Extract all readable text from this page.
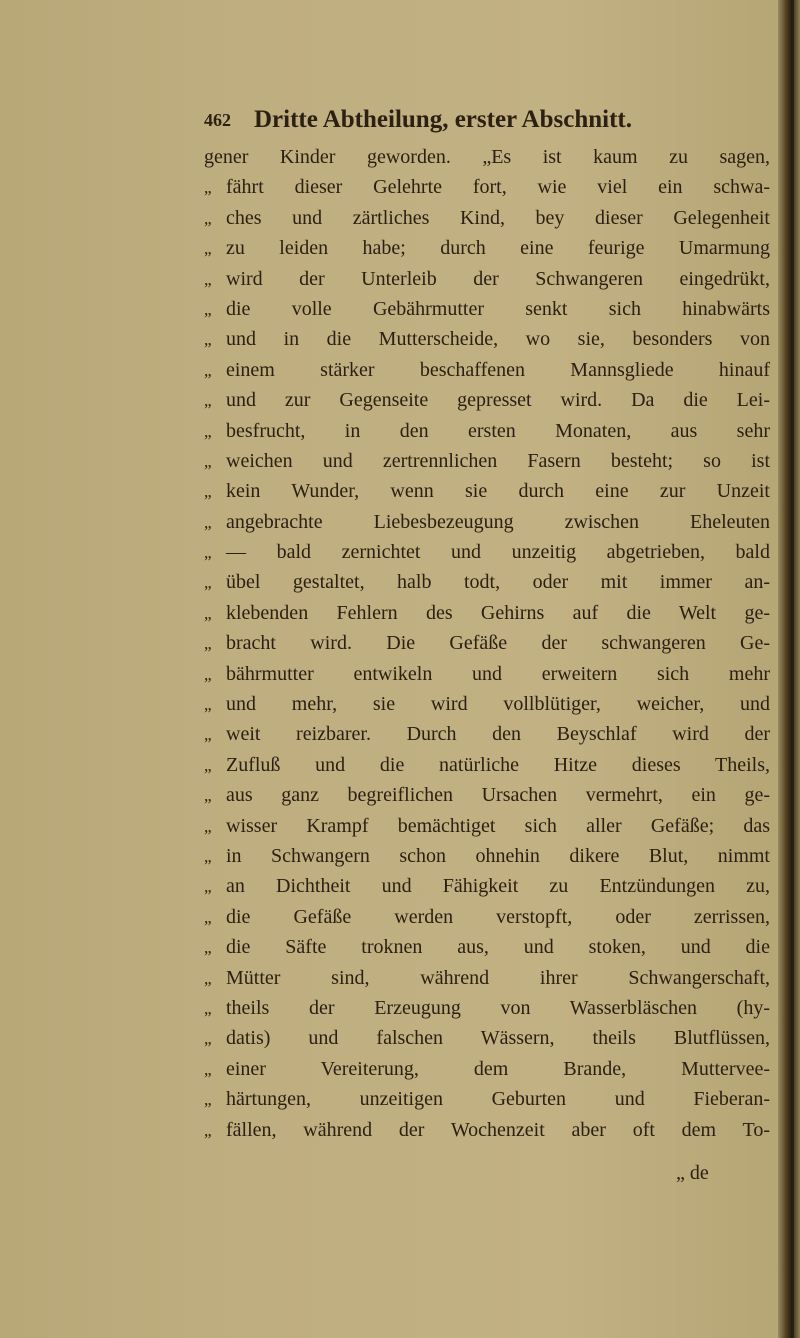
462 Dritte Abtheilung, erster Abschnitt.
gener Kinder geworden. „Es ist kaum zu sagen,
„ fährt dieser Gelehrte fort, wie viel ein schwa-
„ ches und zärtliches Kind, bey dieser Gelegenheit
„ zu leiden habe; durch eine feurige Umarmung
„ wird der Unterleib der Schwangeren eingedrükt,
„ die volle Gebährmutter senkt sich hinabwärts
„ und in die Mutterscheide, wo sie, besonders von
„ einem stärker beschaffenen Mannsgliede hinauf
„ und zur Gegenseite gepresset wird. Da die Lei-
„ besfrucht, in den ersten Monaten, aus sehr
„ weichen und zertrennlichen Fasern besteht; so ist
„ kein Wunder, wenn sie durch eine zur Unzeit
„ angebrachte Liebesbezeugung zwischen Eheleuten
„ — bald zernichtet und unzeitig abgetrieben, bald
„ übel gestaltet, halb todt, oder mit immer an-
„ klebenden Fehlern des Gehirns auf die Welt ge-
„ bracht wird. Die Gefäße der schwangeren Ge-
„ bährmutter entwikeln und erweitern sich mehr
„ und mehr, sie wird vollblütiger, weicher, und
„ weit reizbarer. Durch den Beyschlaf wird der
„ Zufluß und die natürliche Hitze dieses Theils,
„ aus ganz begreiflichen Ursachen vermehrt, ein ge-
„ wisser Krampf bemächtiget sich aller Gefäße; das
„ in Schwangern schon ohnehin dikere Blut, nimmt
„ an Dichtheit und Fähigkeit zu Entzündungen zu,
„ die Gefäße werden verstopft, oder zerrissen,
„ die Säfte troknen aus, und stoken, und die
„ Mütter sind, während ihrer Schwangerschaft,
„ theils der Erzeugung von Wasserbläschen (hy-
„ datis) und falschen Wässern, theils Blutflüssen,
„ einer Vereiterung, dem Brande, Muttervee-
„ härtungen, unzeitigen Geburten und Fieberan-
„ fällen, während der Wochenzeit aber oft dem To-
„ de
